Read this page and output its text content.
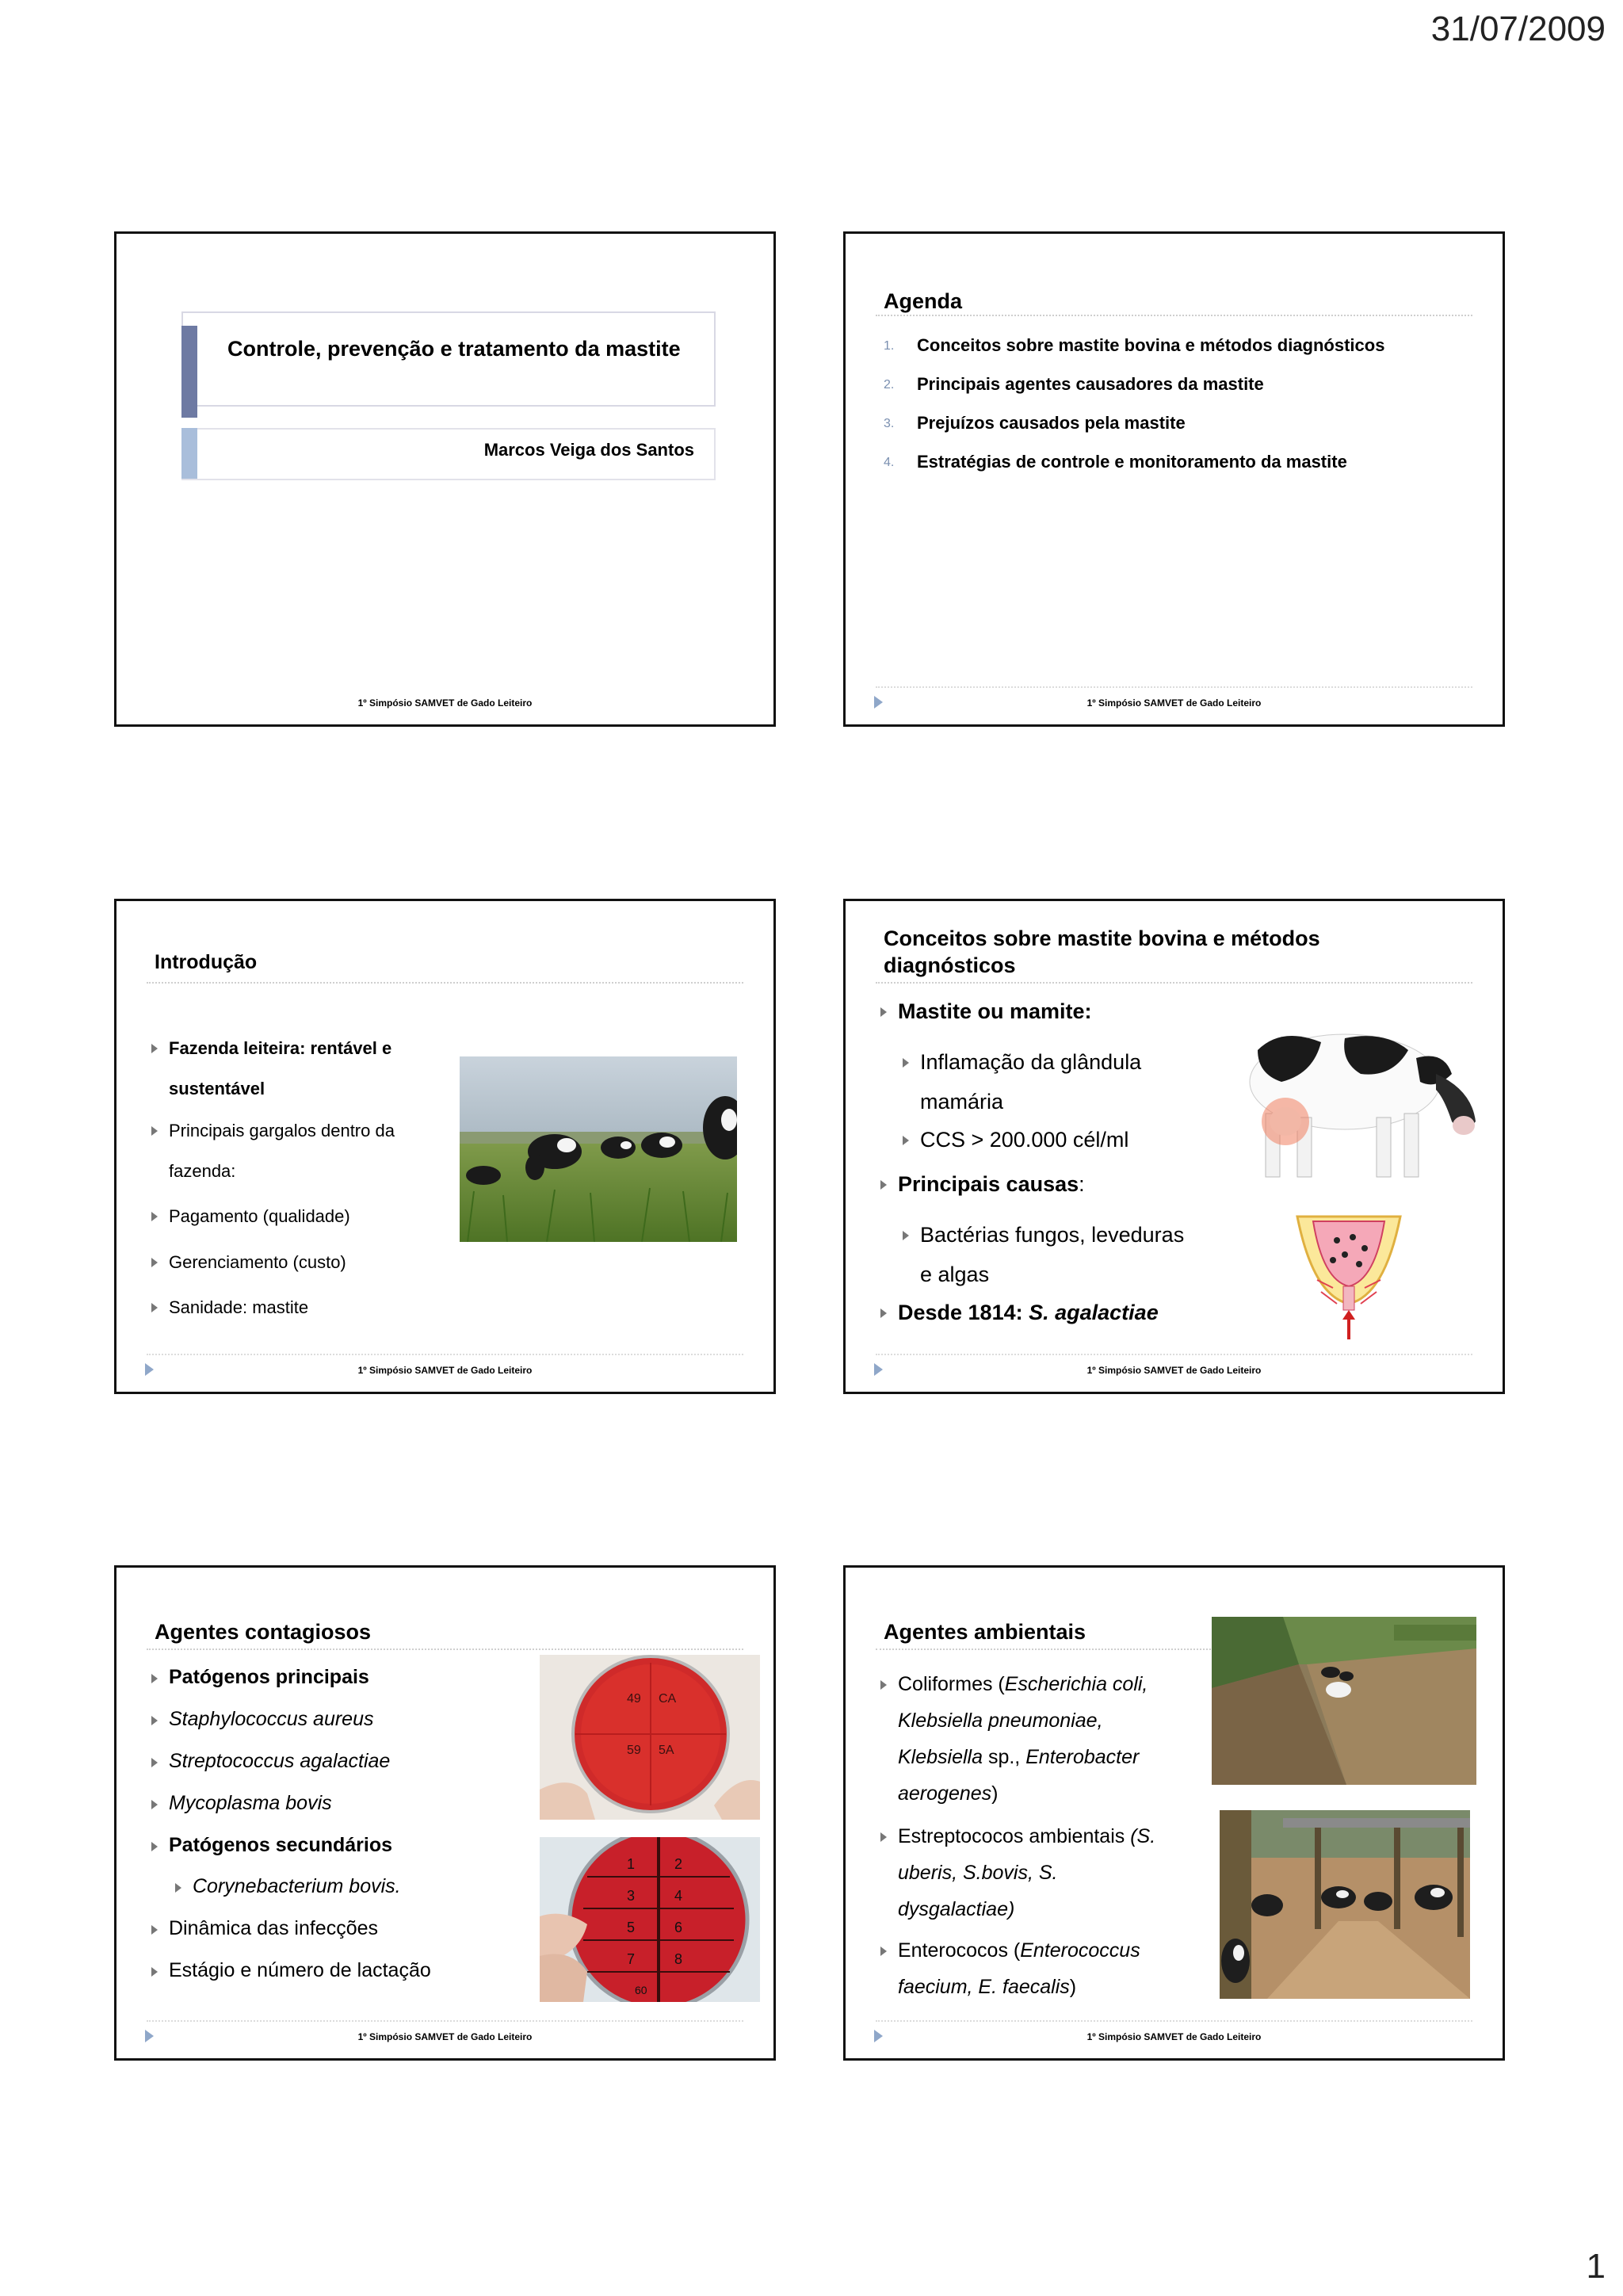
31/07/2009
Controle, prevenção e tratamento da mastite
Marcos Veiga dos Santos
1º Simpósio SAMVET de Gado Leiteiro
Agenda
1. Conceitos sobre mastite bovina e métodos diagnósticos
2. Principais agentes causadores da mastite
3. Prejuízos causados pela mastite
4. Estratégias de controle e monitoramento da mastite
1º Simpósio SAMVET de Gado Leiteiro
Introdução
Fazenda leiteira: rentável e
sustentável
Principais gargalos dentro da
fazenda:
Pagamento (qualidade)
Gerenciamento (custo)
Sanidade: mastite
1º Simpósio SAMVET de Gado Leiteiro
Conceitos sobre mastite bovina e métodos
diagnósticos
Mastite ou mamite:
Inflamação da glândula
mamária
CCS > 200.000 cél/ml
Principais causas:
Bactérias fungos, leveduras
e algas
Desde 1814: S. agalactiae
1º Simpósio SAMVET de Gado Leiteiro
Agentes contagiosos
Patógenos principais
Staphylococcus aureus
Streptococcus agalactiae
Mycoplasma bovis
Patógenos secundários
Corynebacterium bovis.
Dinâmica das infecções
Estágio e número de lactação
49 CA
59 5A
1	2
3	4
5	6
7	8
60
1º Simpósio SAMVET de Gado Leiteiro
Agentes ambientais
Coliformes (Escherichia coli,
Klebsiella pneumoniae,
Klebsiella sp., Enterobacter
aerogenes)
Estreptococos ambientais (S.
uberis, S.bovis, S.
dysgalactiae)
Enterococos (Enterococcus
faecium, E. faecalis)
1º Simpósio SAMVET de Gado Leiteiro
1
